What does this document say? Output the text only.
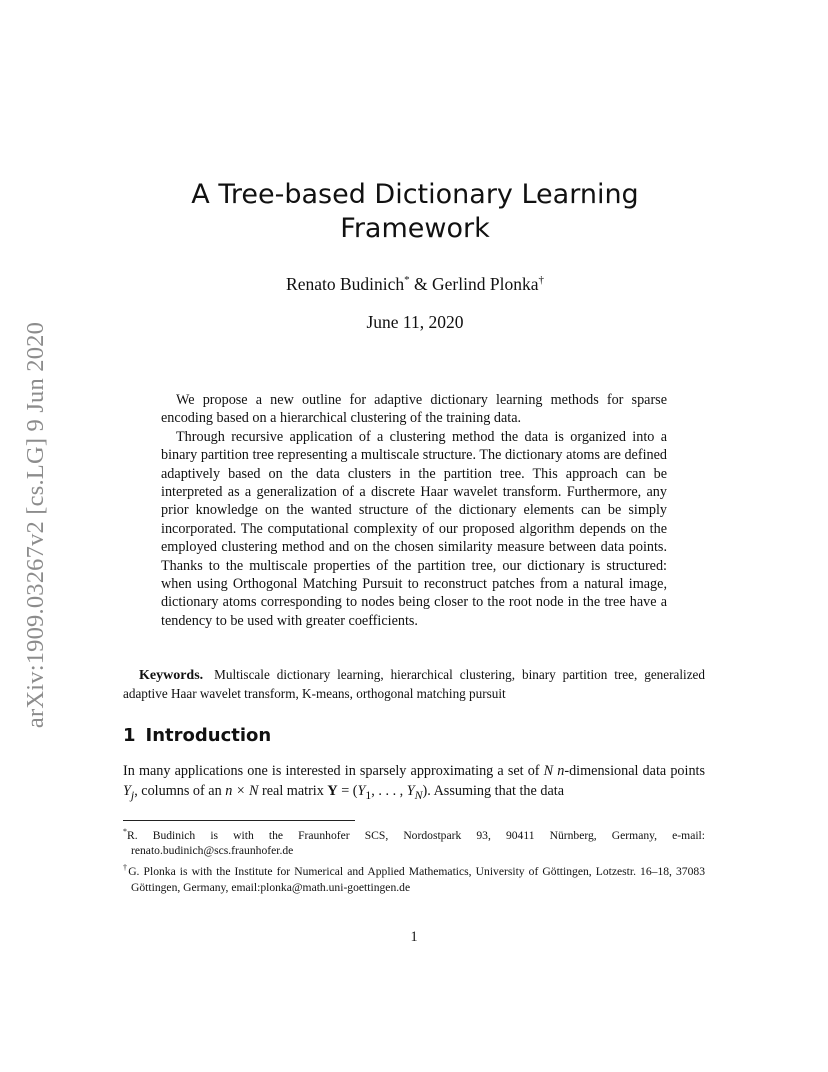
arXiv:1909.03267v2 [cs.LG] 9 Jun 2020
A Tree-based Dictionary Learning
Framework
Renato Budinich* & Gerlind Plonka†
June 11, 2020

We propose a new outline for adaptive dictionary learning methods for sparse encoding based on a hierarchical clustering of the training data.

Through recursive application of a clustering method the data is organized into a binary partition tree representing a multiscale structure. The dictionary atoms are defined adaptively based on the data clusters in the partition tree. This approach can be interpreted as a generalization of a discrete Haar wavelet transform. Furthermore, any prior knowledge on the wanted structure of the dictionary elements can be simply incorporated. The computational complexity of our proposed algorithm depends on the employed clustering method and on the chosen similarity measure between data points. Thanks to the multiscale properties of the partition tree, our dictionary is structured: when using Orthogonal Matching Pursuit to reconstruct patches from a natural image, dictionary atoms corresponding to nodes being closer to the root node in the tree have a tendency to be used with greater coefficients.

Keywords. Multiscale dictionary learning, hierarchical clustering, binary partition tree, generalized adaptive Haar wavelet transform, K-means, orthogonal matching pursuit
1 Introduction
In many applications one is interested in sparsely approximating a set of N n-dimensional data points $Y_j$, columns of an n × N real matrix $Y = (Y_1$, . . . , $Y_N$). Assuming that the data

*R. Budinich is with the Fraunhofer SCS, Nordostpark 93, 90411 Nürnberg, Germany, e-mail: renato.budinich@scs.fraunhofer.de

†G. Plonka is with the Institute for Numerical and Applied Mathematics, University of Göttingen, Lotzestr. 16–18, 37083 Göttingen, Germany, email:plonka@math.uni-goettingen.de

1
